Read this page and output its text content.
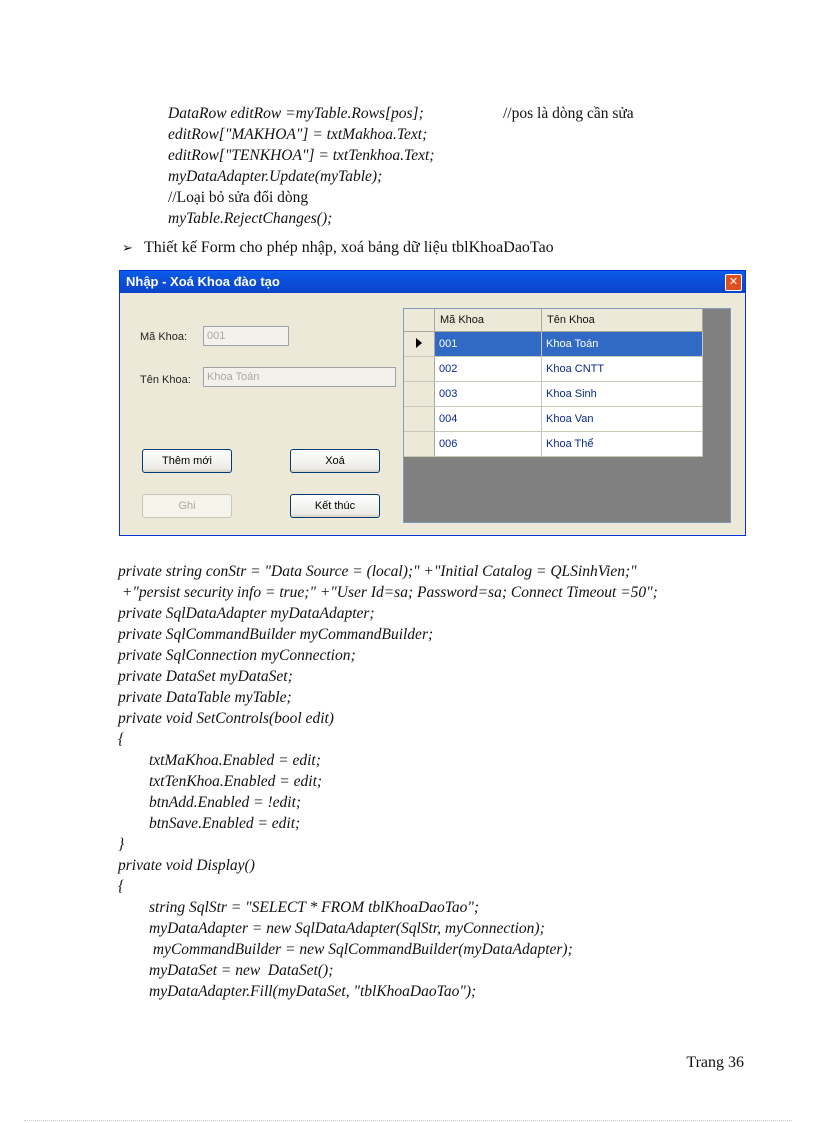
DataRow editRow =myTable.Rows[pos];	//pos là dòng cần sửa
editRow["MAKHOA"] = txtMakhoa.Text;
editRow["TENKHOA"] = txtTenkhoa.Text;
myDataAdapter.Update(myTable);
//Loại bỏ sửa đổi dòng
myTable.RejectChanges();
➢ Thiết kế Form cho phép nhập, xoá bảng dữ liệu tblKhoaDaoTao
Nhập - Xoá Khoa đào tạo	✕
Mã Khoa:	001
Tên Khoa:	Khoa Toán
Thêm mới	Xoá
Ghi	Kết thúc
	Mã Khoa	Tên Khoa
	001	Khoa Toán
	002	Khoa CNTT
	003	Khoa Sinh
	004	Khoa Van
	006	Khoa Thể
private string conStr = "Data Source = (local);" +"Initial Catalog = QLSinhVien;"
+"persist security info = true;" +"User Id=sa; Password=sa; Connect Timeout =50";
private SqlDataAdapter myDataAdapter;
private SqlCommandBuilder myCommandBuilder;
private SqlConnection myConnection;
private DataSet myDataSet;
private DataTable myTable;
private void SetControls(bool edit)
{
txtMaKhoa.Enabled = edit;
txtTenKhoa.Enabled = edit;
btnAdd.Enabled = !edit;
btnSave.Enabled = edit;
}
private void Display()
{
string SqlStr = "SELECT * FROM tblKhoaDaoTao";
myDataAdapter = new SqlDataAdapter(SqlStr, myConnection);
myCommandBuilder = new SqlCommandBuilder(myDataAdapter);
myDataSet = new  DataSet();
myDataAdapter.Fill(myDataSet, "tblKhoaDaoTao");
Trang 36
